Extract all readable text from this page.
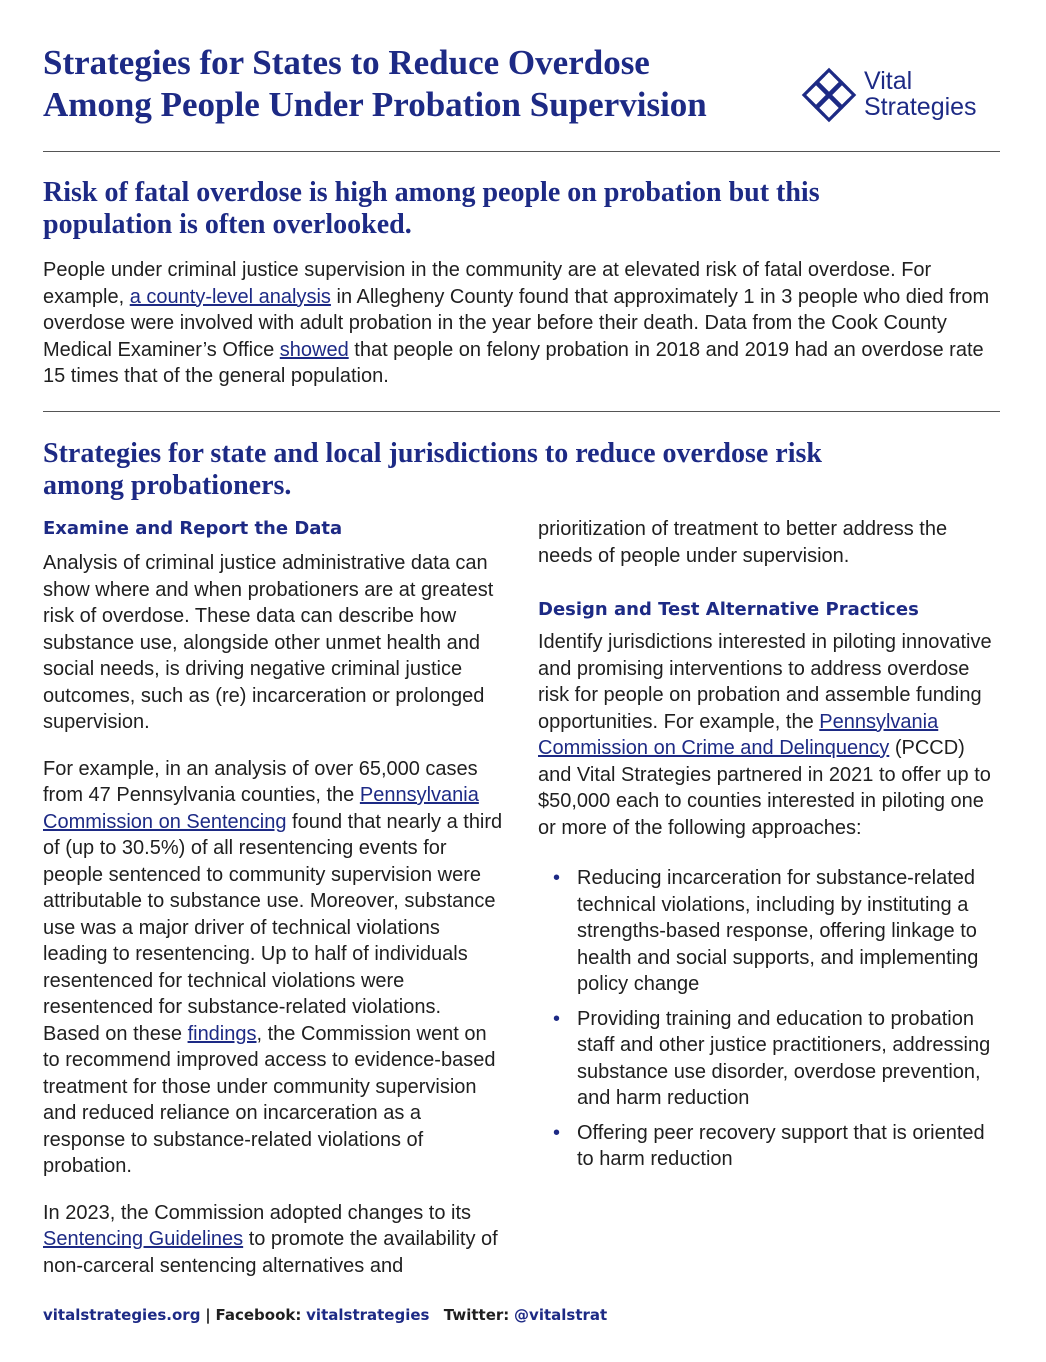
Strategies for States to Reduce Overdose
Among People Under Probation Supervision
Vital
Strategies
Risk of fatal overdose is high among people on probation but this population is often overlooked.

People under criminal justice supervision in the community are at elevated risk of fatal overdose. For example, a county-level analysis in Allegheny County found that approximately 1 in 3 people who died from overdose were involved with adult probation in the year before their death. Data from the Cook County Medical Examiner’s Office showed that people on felony probation in 2018 and 2019 had an overdose rate 15 times that of the general population.

Strategies for state and local jurisdictions to reduce overdose risk among probationers.
Examine and Report the Data

Analysis of criminal justice administrative data can show where and when probationers are at greatest risk of overdose. These data can describe how substance use, alongside other unmet health and social needs, is driving negative criminal justice outcomes, such as (re) incarceration or prolonged supervision.

For example, in an analysis of over 65,000 cases from 47 Pennsylvania counties, the Pennsylvania Commission on Sentencing found that nearly a third of (up to 30.5%) of all resentencing events for people sentenced to community supervision were attributable to substance use. Moreover, substance use was a major driver of technical violations leading to resentencing. Up to half of individuals resentenced for technical violations were resentenced for substance-related violations. Based on these findings, the Commission went on to recommend improved access to evidence-based treatment for those under community supervision and reduced reliance on incarceration as a response to substance-related violations of probation.

In 2023, the Commission adopted changes to its Sentencing Guidelines to promote the availability of non-carceral sentencing alternatives and

prioritization of treatment to better address the needs of people under supervision.

Design and Test Alternative Practices

Identify jurisdictions interested in piloting innovative and promising interventions to address overdose risk for people on probation and assemble funding opportunities. For example, the Pennsylvania Commission on Crime and Delinquency (PCCD) and Vital Strategies partnered in 2021 to offer up to $50,000 each to counties interested in piloting one or more of the following approaches:

• Reducing incarceration for substance-related technical violations, including by instituting a strengths-based response, offering linkage to health and social supports, and implementing policy change
• Providing training and education to probation staff and other justice practitioners, addressing substance use disorder, overdose prevention, and harm reduction
• Offering peer recovery support that is oriented to harm reduction
vitalstrategies.org | Facebook: vitalstrategies Twitter: @vitalstrat
